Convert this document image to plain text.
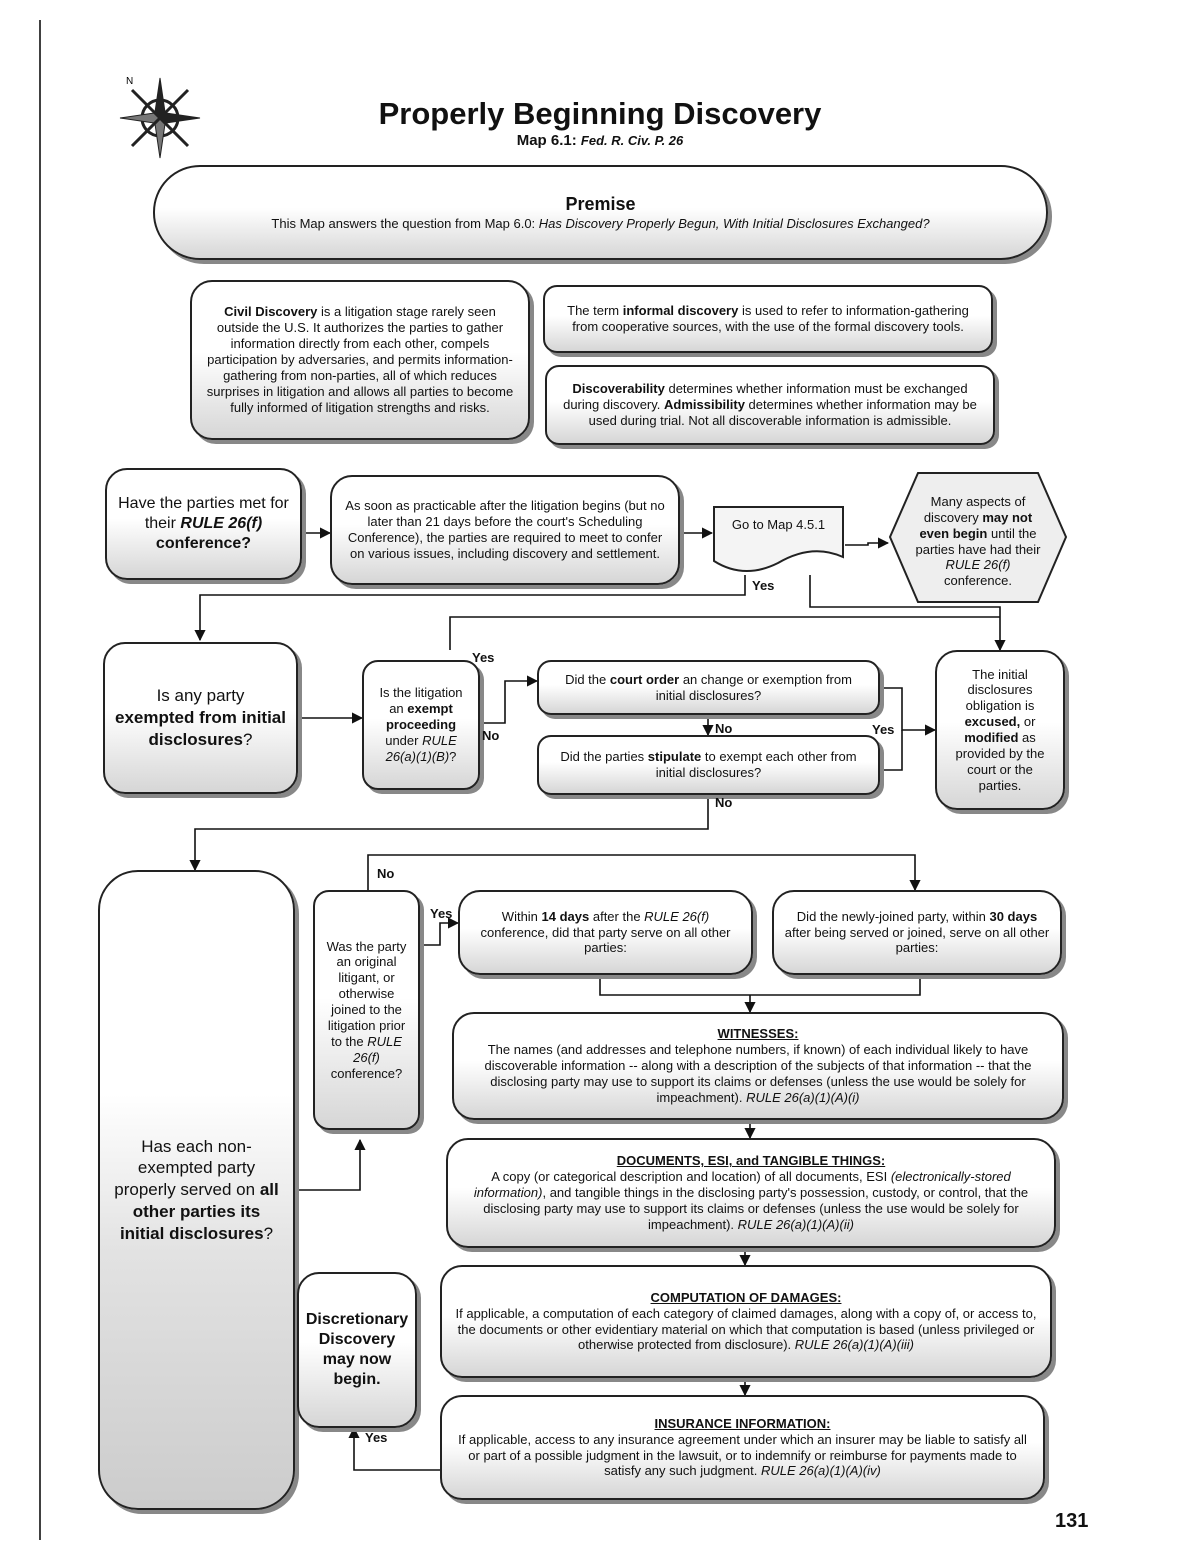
N
Properly Beginning Discovery
Map 6.1: Fed. R. Civ. P. 26
Premise
This Map answers the question from Map 6.0: Has Discovery Properly Begun, With Initial Disclosures Exchanged?
Civil Discovery is a litigation stage rarely seen outside the U.S. It authorizes the parties to gather information directly from each other, compels participation by adversaries, and permits information-gathering from non-parties, all of which reduces surprises in litigation and allows all parties to become fully informed of litigation strengths and risks.
The term informal discovery is used to refer to information-gathering from cooperative sources, with the use of the formal discovery tools.
Discoverability determines whether information must be exchanged during discovery. Admissibility determines whether information may be used during trial. Not all discoverable information is admissible.
Have the parties met for their RULE 26(f) conference?
As soon as practicable after the litigation begins (but no later than 21 days before the court's Scheduling Conference), the parties are required to meet to confer on various issues, including discovery and settlement.
Go to Map 4.5.1
Many aspects of discovery may not even begin until the parties have had their RULE 26(f) conference.
Is any party exempted from initial disclosures?
Is the litigation an exempt proceeding under RULE 26(a)(1)(B)?
Did the court order an change or exemption from initial disclosures?
Did the parties stipulate to exempt each other from initial disclosures?
The initial disclosures obligation is excused, or modified as provided by the court or the parties.
Has each non-exempted party properly served on all other parties its initial disclosures?
Was the party an original litigant, or otherwise joined to the litigation prior to the RULE 26(f) conference?
Within 14 days after the RULE 26(f) conference, did that party serve on all other parties:
Did the newly-joined party, within 30 days after being served or joined, serve on all other parties:
WITNESSES:
The names (and addresses and telephone numbers, if known) of each individual likely to have discoverable information -- along with a description of the subjects of that information -- that the disclosing party may use to support its claims or defenses (unless the use would be solely for impeachment). RULE 26(a)(1)(A)(i)
DOCUMENTS, ESI, and TANGIBLE THINGS:
A copy (or categorical description and location) of all documents, ESI (electronically-stored information), and tangible things in the disclosing party's possession, custody, or control, that the disclosing party may use to support its claims or defenses (unless the use would be solely for impeachment). RULE 26(a)(1)(A)(ii)
COMPUTATION OF DAMAGES:
If applicable, a computation of each category of claimed damages, along with a copy of, or access to, the documents or other evidentiary material on which that computation is based (unless privileged or otherwise protected from disclosure). RULE 26(a)(1)(A)(iii)
INSURANCE INFORMATION:
If applicable, access to any insurance agreement under which an insurer may be liable to satisfy all or part of a possible judgment in the lawsuit, or to indemnify or reimburse for payments made to satisfy any such judgment. RULE 26(a)(1)(A)(iv)
Discretionary Discovery may now begin.
Yes
Yes
No	No	Yes
No
No
Yes
Yes
131
